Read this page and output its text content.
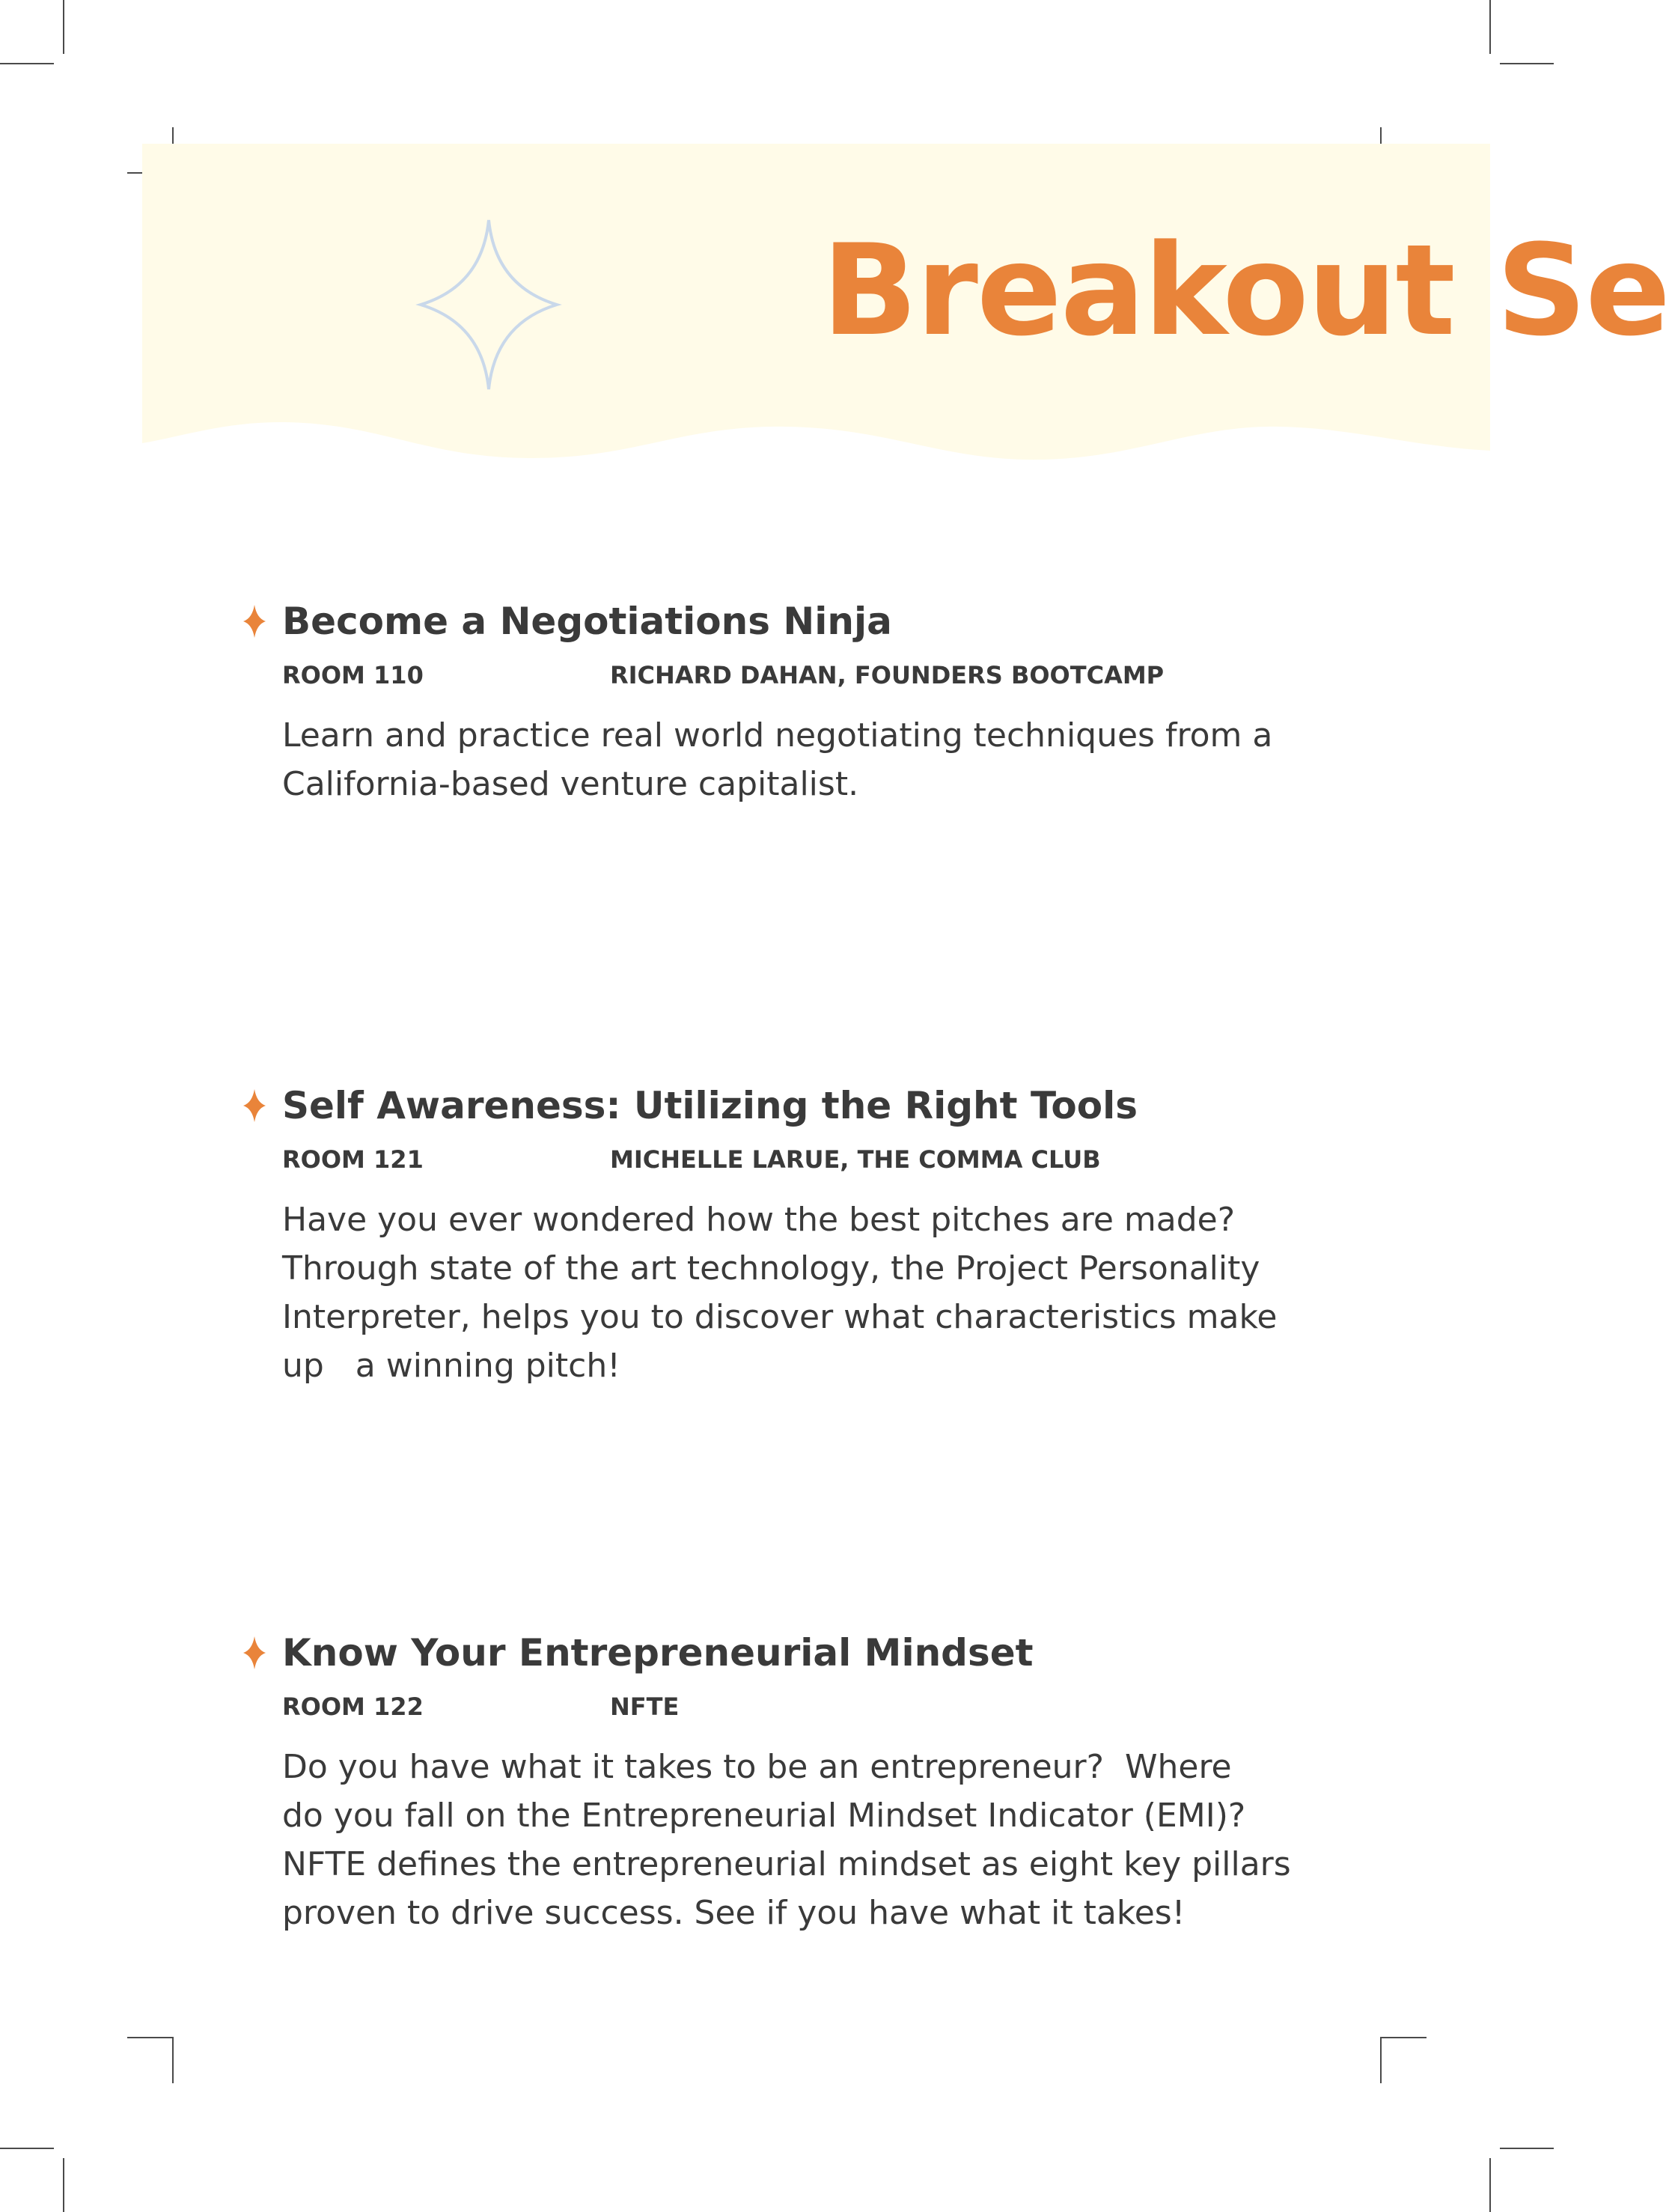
Breakout Se
Become a Negotiations Ninja
ROOM 110	RICHARD DAHAN, FOUNDERS BOOTCAMP

Learn and practice real world negotiating techniques from a
California-based venture capitalist.

Self Awareness: Utilizing the Right Tools
ROOM 121	MICHELLE LARUE, THE COMMA CLUB

Have you ever wondered how the best pitches are made?
Through state of the art technology, the Project Personality
Interpreter, helps you to discover what characteristics make
up   a winning pitch!

Know Your Entrepreneurial Mindset
ROOM 122	NFTE

Do you have what it takes to be an entrepreneur?  Where
do you fall on the Entrepreneurial Mindset Indicator (EMI)?
NFTE defines the entrepreneurial mindset as eight key pillars
proven to drive success. See if you have what it takes!
